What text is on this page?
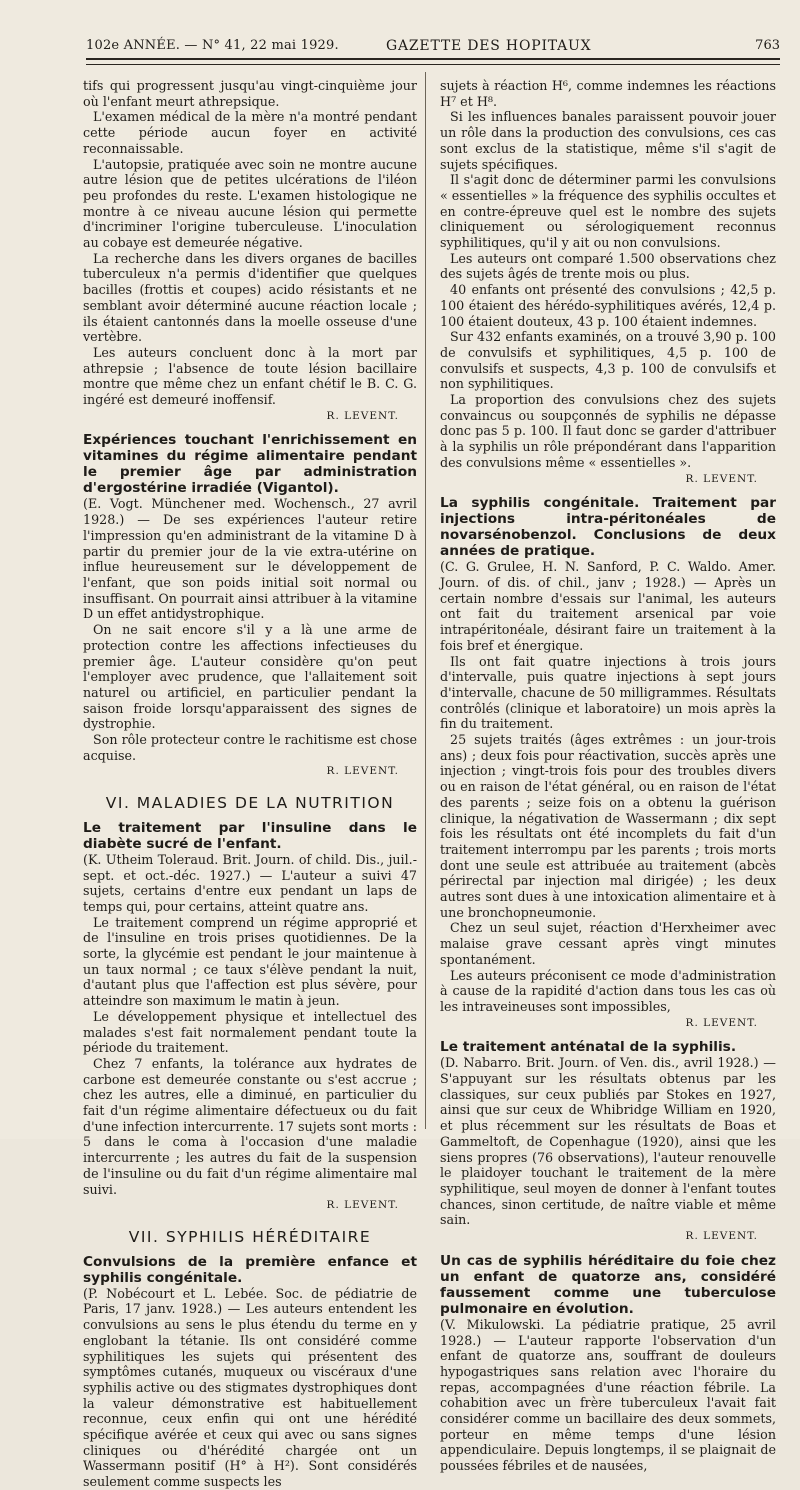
102e ANNÉE. — N° 41, 22 mai 1929.	GAZETTE DES HOPITAUX	763

tifs qui progressent jusqu'au vingt-cinquième jour où l'enfant meurt athrepsique.

L'examen médical de la mère n'a montré pendant cette période aucun foyer en activité reconnaissable.

L'autopsie, pratiquée avec soin ne montre aucune autre lésion que de petites ulcérations de l'iléon peu profondes du reste. L'examen histologique ne montre à ce niveau aucune lésion qui permette d'incriminer l'origine tuberculeuse. L'inoculation au cobaye est demeurée négative.

La recherche dans les divers organes de bacilles tuberculeux n'a permis d'identifier que quelques bacilles (frottis et coupes) acido résistants et ne semblant avoir déterminé aucune réaction locale ; ils étaient cantonnés dans la moelle osseuse d'une vertèbre.

Les auteurs concluent donc à la mort par athrepsie ; l'absence de toute lésion bacillaire montre que même chez un enfant chétif le B. C. G. ingéré est demeuré inoffensif.

R. LEVENT.
Expériences touchant l'enrichissement en vitamines du régime alimentaire pendant le premier âge par administration d'ergostérine irradiée (Vigantol).

(E. Vogt. Münchener med. Wochensch., 27 avril 1928.) — De ses expériences l'auteur retire l'impression qu'en administrant de la vitamine D à partir du premier jour de la vie extra-utérine on influe heureusement sur le développement de l'enfant, que son poids initial soit normal ou insuffisant. On pourrait ainsi attribuer à la vitamine D un effet antidystrophique.

On ne sait encore s'il y a là une arme de protection contre les affections infectieuses du premier âge. L'auteur considère qu'on peut l'employer avec prudence, que l'allaitement soit naturel ou artificiel, en particulier pendant la saison froide lorsqu'apparaissent des signes de dystrophie.

Son rôle protecteur contre le rachitisme est chose acquise.

R. LEVENT.
VI. MALADIES DE LA NUTRITION
Le traitement par l'insuline dans le diabète sucré de l'enfant.

(K. Utheim Toleraud. Brit. Journ. of child. Dis., juil.-sept. et oct.-déc. 1927.) — L'auteur a suivi 47 sujets, certains d'entre eux pendant un laps de temps qui, pour certains, atteint quatre ans.

Le traitement comprend un régime approprié et de l'insuline en trois prises quotidiennes. De la sorte, la glycémie est pendant le jour maintenue à un taux normal ; ce taux s'élève pendant la nuit, d'autant plus que l'affection est plus sévère, pour atteindre son maximum le matin à jeun.

Le développement physique et intellectuel des malades s'est fait normalement pendant toute la période du traitement.

Chez 7 enfants, la tolérance aux hydrates de carbone est demeurée constante ou s'est accrue ; chez les autres, elle a diminué, en particulier du fait d'un régime alimentaire défectueux ou du fait d'une infection intercurrente. 17 sujets sont morts : 5 dans le coma à l'occasion d'une maladie intercurrente ; les autres du fait de la suspension de l'insuline ou du fait d'un régime alimentaire mal suivi.

R. LEVENT.
VII. SYPHILIS HÉRÉDITAIRE
Convulsions de la première enfance et syphilis congénitale.

(P. Nobécourt et L. Lebée. Soc. de pédiatrie de Paris, 17 janv. 1928.) — Les auteurs entendent les convulsions au sens le plus étendu du terme en y englobant la tétanie. Ils ont considéré comme syphilitiques les sujets qui présentent des symptômes cutanés, muqueux ou viscéraux d'une syphilis active ou des stigmates dystrophiques dont la valeur démonstrative est habituellement reconnue, ceux enfin qui ont une hérédité spécifique avérée et ceux qui avec ou sans signes cliniques ou d'hérédité chargée ont un Wassermann positif (H° à H²). Sont considérés seulement comme suspects les

sujets à réaction H⁶, comme indemnes les réactions H⁷ et H⁸.

Si les influences banales paraissent pouvoir jouer un rôle dans la production des convulsions, ces cas sont exclus de la statistique, même s'il s'agit de sujets spécifiques.

Il s'agit donc de déterminer parmi les convulsions « essentielles » la fréquence des syphilis occultes et en contre-épreuve quel est le nombre des sujets cliniquement ou sérologiquement reconnus syphilitiques, qu'il y ait ou non convulsions.

Les auteurs ont comparé 1.500 observations chez des sujets âgés de trente mois ou plus.

40 enfants ont présenté des convulsions ; 42,5 p. 100 étaient des hérédo-syphilitiques avérés, 12,4 p. 100 étaient douteux, 43 p. 100 étaient indemnes.

Sur 432 enfants examinés, on a trouvé 3,90 p. 100 de convulsifs et syphilitiques, 4,5 p. 100 de convulsifs et suspects, 4,3 p. 100 de convulsifs et non syphilitiques.

La proportion des convulsions chez des sujets convaincus ou soupçonnés de syphilis ne dépasse donc pas 5 p. 100. Il faut donc se garder d'attribuer à la syphilis un rôle prépondérant dans l'apparition des convulsions même « essentielles ».

R. LEVENT.
La syphilis congénitale. Traitement par injections intra-péritonéales de novarsénobenzol. Conclusions de deux années de pratique.

(C. G. Grulee, H. N. Sanford, P. C. Waldo. Amer. Journ. of dis. of chil., janv ; 1928.) — Après un certain nombre d'essais sur l'animal, les auteurs ont fait du traitement arsenical par voie intrapéritonéale, désirant faire un traitement à la fois bref et énergique.

Ils ont fait quatre injections à trois jours d'intervalle, puis quatre injections à sept jours d'intervalle, chacune de 50 milligrammes. Résultats contrôlés (clinique et laboratoire) un mois après la fin du traitement.

25 sujets traités (âges extrêmes : un jour-trois ans) ; deux fois pour réactivation, succès après une injection ; vingt-trois fois pour des troubles divers ou en raison de l'état général, ou en raison de l'état des parents ; seize fois on a obtenu la guérison clinique, la négativation de Wassermann ; dix sept fois les résultats ont été incomplets du fait d'un traitement interrompu par les parents ; trois morts dont une seule est attribuée au traitement (abcès périrectal par injection mal dirigée) ; les deux autres sont dues à une intoxication alimentaire et à une bronchopneumonie.

Chez un seul sujet, réaction d'Herxheimer avec malaise grave cessant après vingt minutes spontanément.

Les auteurs préconisent ce mode d'administration à cause de la rapidité d'action dans tous les cas où les intraveineuses sont impossibles,

R. LEVENT.
Le traitement anténatal de la syphilis.

(D. Nabarro. Brit. Journ. of Ven. dis., avril 1928.) — S'appuyant sur les résultats obtenus par les classiques, sur ceux publiés par Stokes en 1927, ainsi que sur ceux de Whibridge William en 1920, et plus récemment sur les résultats de Boas et Gammeltoft, de Copenhague (1920), ainsi que les siens propres (76 observations), l'auteur renouvelle le plaidoyer touchant le traitement de la mère syphilitique, seul moyen de donner à l'enfant toutes chances, sinon certitude, de naître viable et même sain.

R. LEVENT.
Un cas de syphilis héréditaire du foie chez un enfant de quatorze ans, considéré faussement comme une tuberculose pulmonaire en évolution.

(V. Mikulowski. La pédiatrie pratique, 25 avril 1928.) — L'auteur rapporte l'observation d'un enfant de quatorze ans, souffrant de douleurs hypogastriques sans relation avec l'horaire du repas, accompagnées d'une réaction fébrile. La cohabition avec un frère tuberculeux l'avait fait considérer comme un bacillaire des deux sommets, porteur en même temps d'une lésion appendiculaire. Depuis longtemps, il se plaignait de poussées fébriles et de nausées,
